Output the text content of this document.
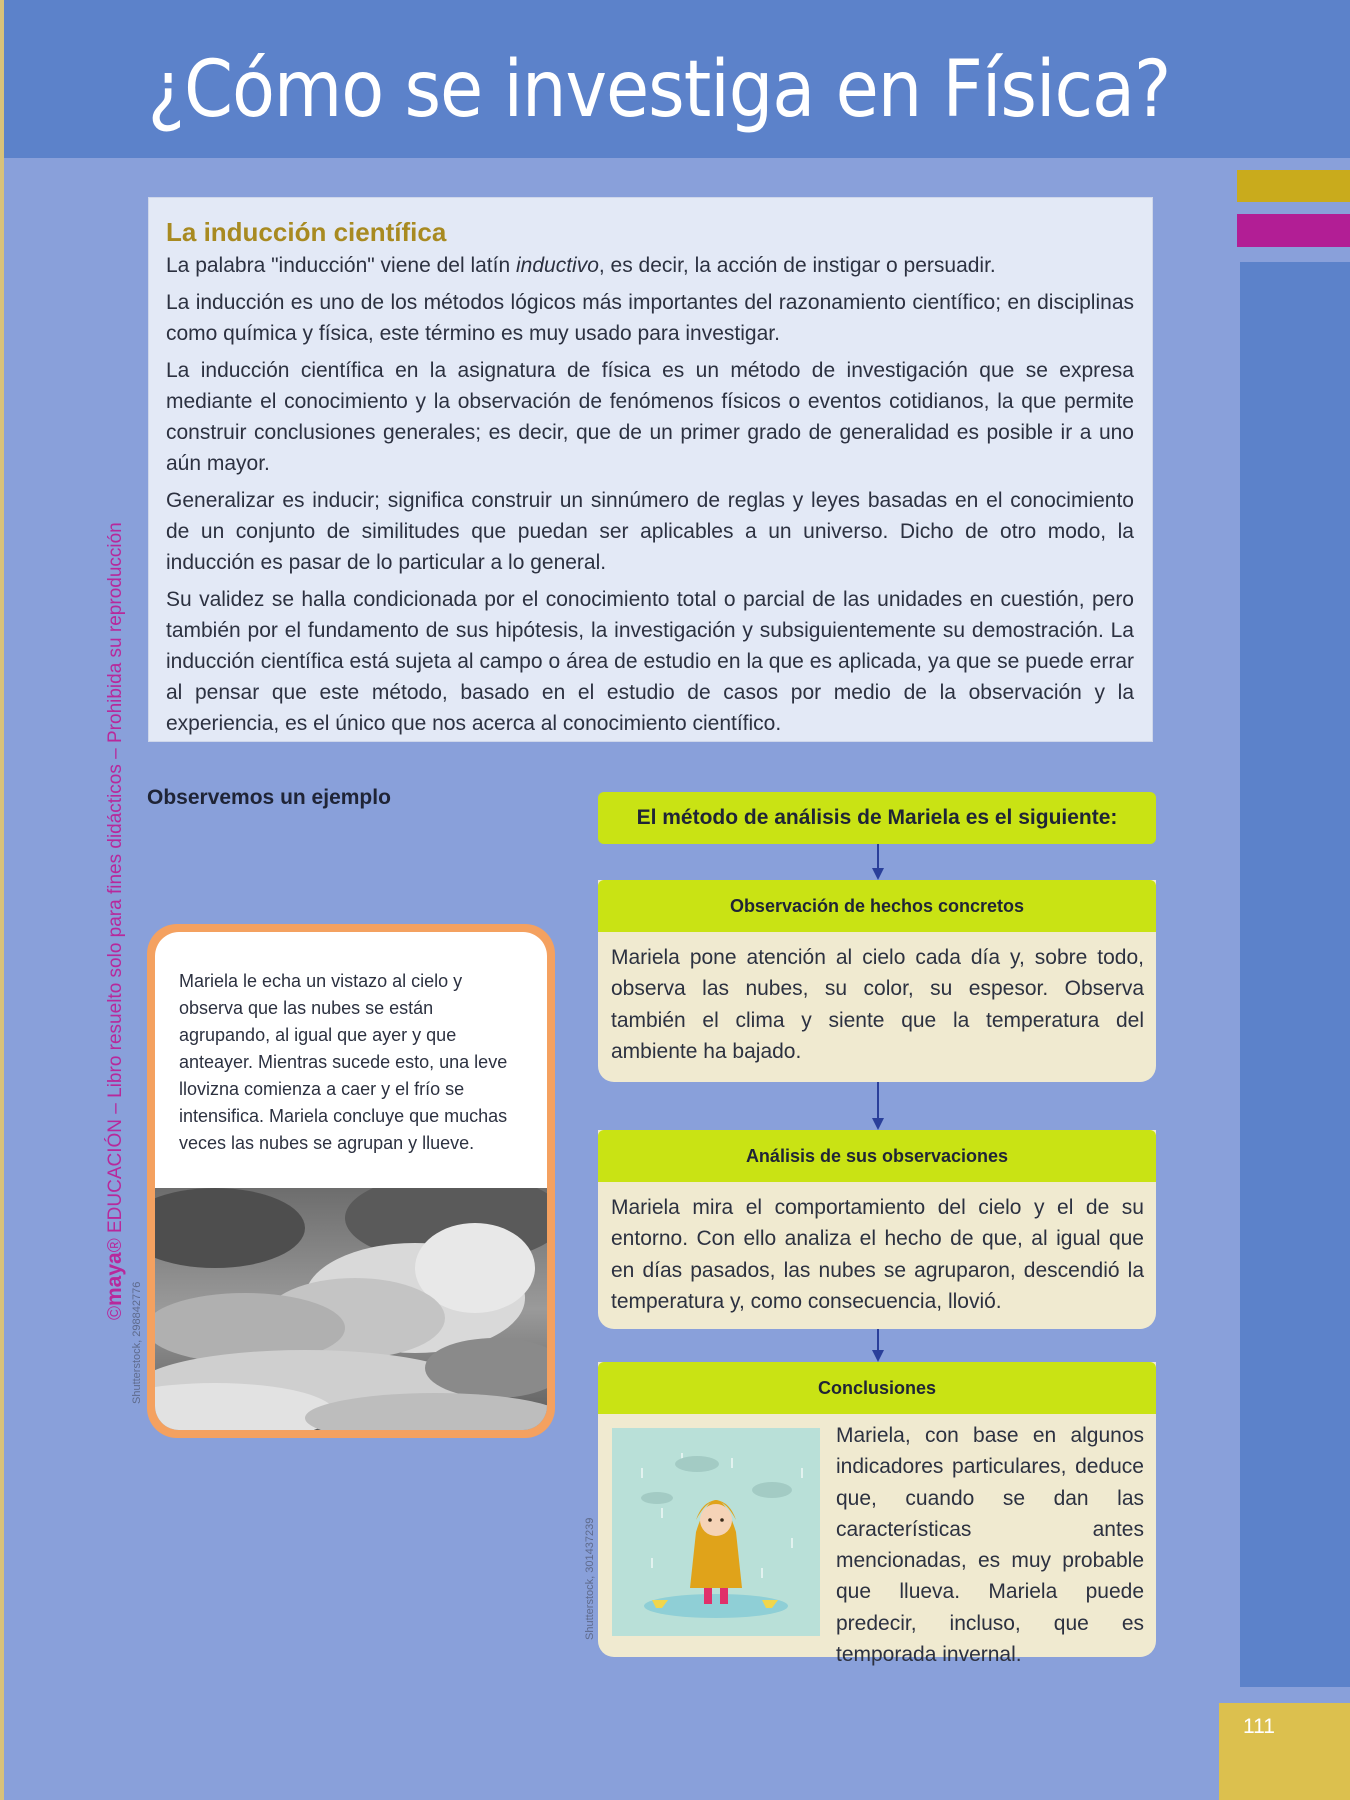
¿Cómo se investiga en Física?
©maya® EDUCACIÓN – Libro resuelto solo para fines didácticos – Prohibida su reproducción
La inducción científica

La palabra "inducción" viene del latín inductivo, es decir, la acción de instigar o persuadir.

La inducción es uno de los métodos lógicos más importantes del razonamiento científico; en disciplinas como química y física, este término es muy usado para investigar.

La inducción científica en la asignatura de física es un método de investigación que se expresa mediante el conocimiento y la observación de fenómenos físicos o eventos cotidianos, la que permite construir conclusiones generales; es decir, que de un primer grado de generalidad es posible ir a uno aún mayor.

Generalizar es inducir; significa construir un sinnúmero de reglas y leyes basadas en el conocimiento de un conjunto de similitudes que puedan ser aplicables a un universo. Dicho de otro modo, la inducción es pasar de lo particular a lo general.

Su validez se halla condicionada por el conocimiento total o parcial de las unidades en cuestión, pero también por el fundamento de sus hipótesis, la investigación y subsiguientemente su demostración. La inducción científica está sujeta al campo o área de estudio en la que es aplicada, ya que se puede errar al pensar que este método, basado en el estudio de casos por medio de la observación y la experiencia, es el único que nos acerca al conocimiento científico.

Observemos un ejemplo
Mariela le echa un vistazo al cielo y observa que las nubes se están agrupando, al igual que ayer y que anteayer. Mientras sucede esto, una leve llovizna comienza a caer y el frío se intensifica. Mariela concluye que muchas veces las nubes se agrupan y llueve.
Shutterstock, 298842776
El método de análisis de Mariela es el siguiente:
Observación de hechos concretos
Mariela pone atención al cielo cada día y, sobre todo, observa las nubes, su color, su espesor. Observa también el clima y siente que la temperatura del ambiente ha bajado.
Análisis de sus observaciones
Mariela mira el comportamiento del cielo y el de su entorno. Con ello analiza el hecho de que, al igual que en días pasados, las nubes se agruparon, descendió la temperatura y, como consecuencia, llovió.
Conclusiones
Mariela, con base en algunos indicadores particulares, deduce que, cuando se dan las características antes mencionadas, es muy probable que llueva. Mariela puede predecir, incluso, que es temporada invernal.
Shutterstock, 301437239
111
